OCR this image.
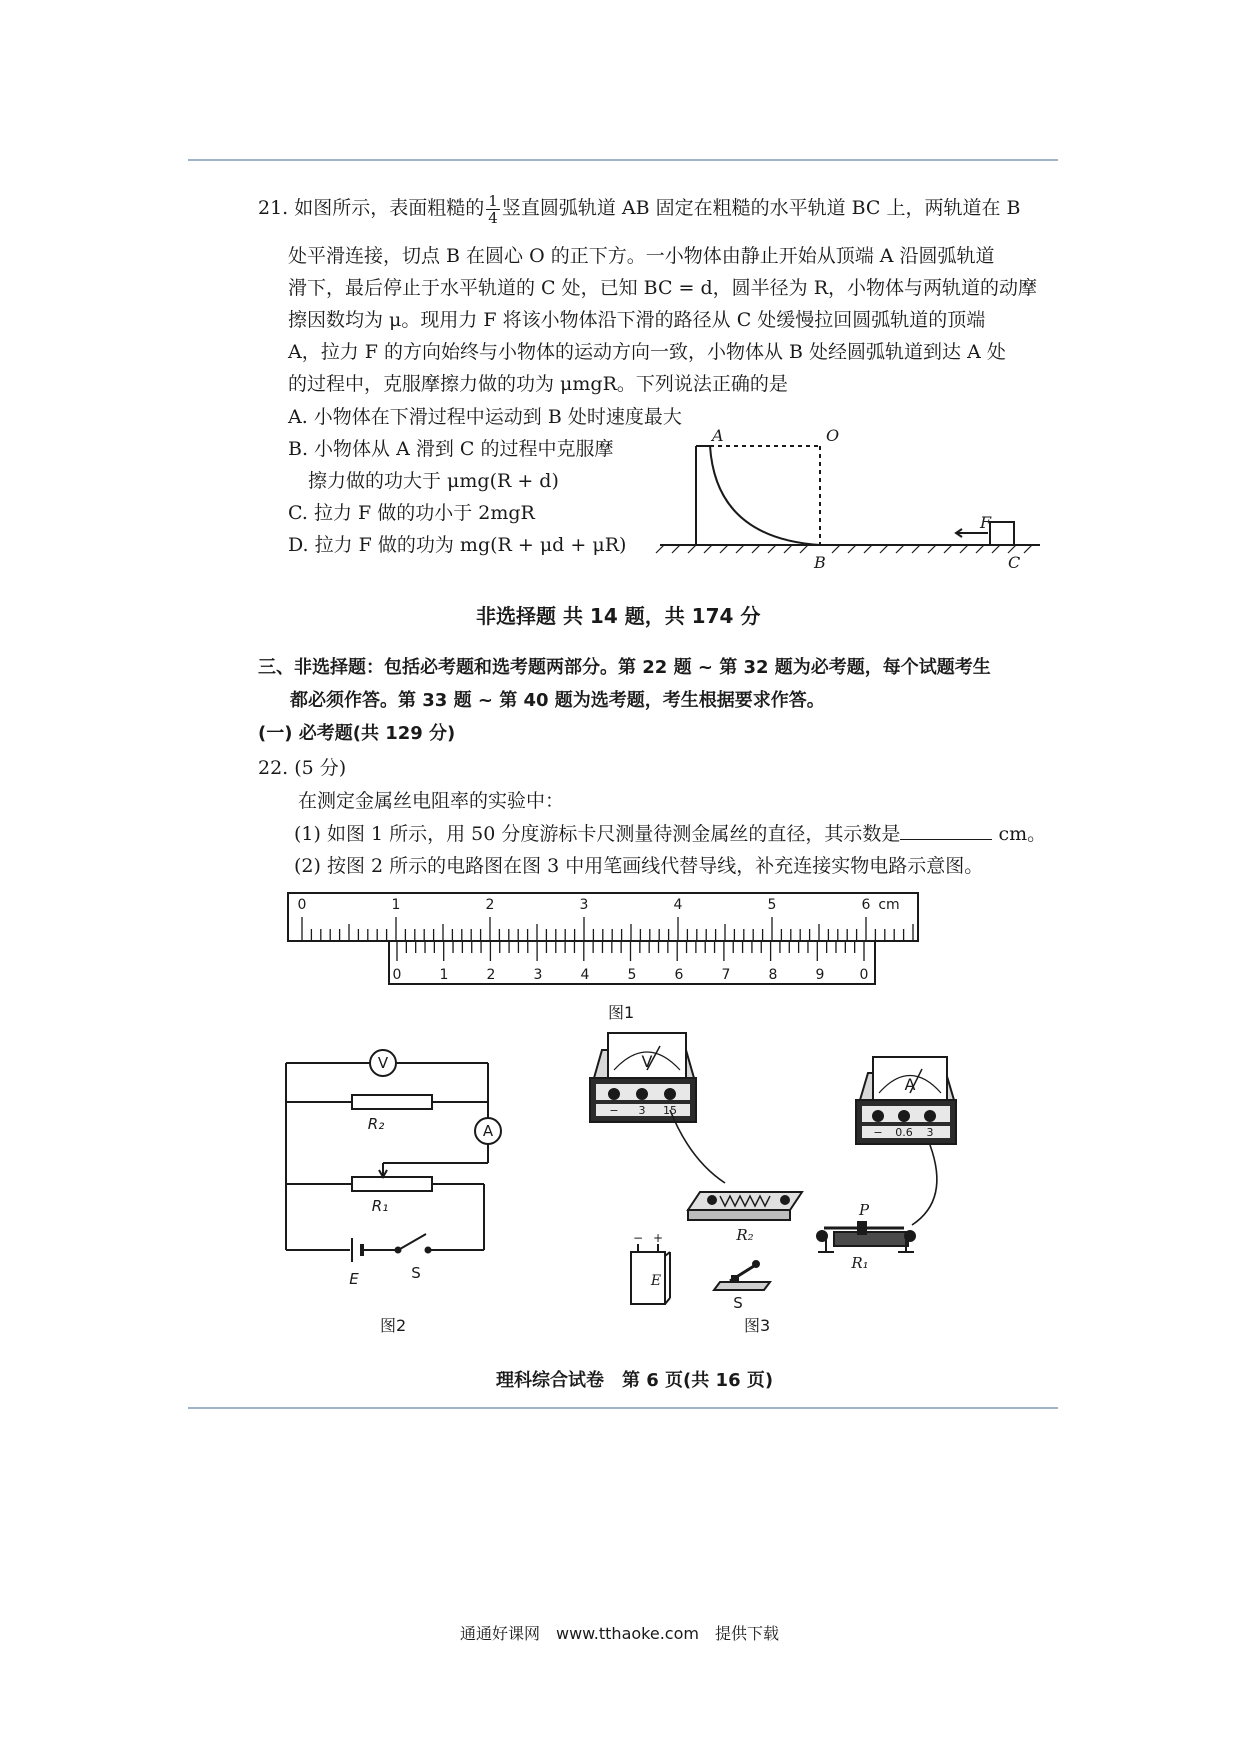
21. 如图所示，表面粗糙的 $\frac{1}{4}$ 竖直圆弧轨道 AB 固定在粗糙的水平轨道 BC 上，两轨道在 B
处平滑连接，切点 B 在圆心 O 的正下方。一小物体由静止开始从顶端 A 沿圆弧轨道
滑下，最后停止于水平轨道的 C 处，已知 BC = d，圆半径为 R，小物体与两轨道的动摩
擦因数均为 μ。现用力 F 将该小物体沿下滑的路径从 C 处缓慢拉回圆弧轨道的顶端
A，拉力 F 的方向始终与小物体的运动方向一致，小物体从 B 处经圆弧轨道到达 A 处
的过程中，克服摩擦力做的功为 μmgR。下列说法正确的是
A. 小物体在下滑过程中运动到 B 处时速度最大
B. 小物体从 A 滑到 C 的过程中克服摩
擦力做的功大于 μmg(R + d)
C. 拉力 F 做的功小于 2mgR
D. 拉力 F 做的功为 mg(R + μd + μR)
A	O
B	C
F
非选择题 共 14 题，共 174 分
三、非选择题：包括必考题和选考题两部分。第 22 题 ~ 第 32 题为必考题，每个试题考生
都必须作答。第 33 题 ~ 第 40 题为选考题，考生根据要求作答。
(一) 必考题(共 129 分)
22. (5 分)
在测定金属丝电阻率的实验中：
(1) 如图 1 所示，用 50 分度游标卡尺测量待测金属丝的直径，其示数是	cm。
(2) 按图 2 所示的电路图在图 3 中用笔画线代替导线，补充连接实物电路示意图。
0	1	2	3	4	5	6 cm
0	1	2	3	4	5	6	7	8	9	0
图1
V
A
R₂
R₁
E	S
图2
V
− 3 15
A
− 0.6 3
R₂
P
R₁
− +
E
S
图3
理科综合试卷　第 6 页(共 16 页)
通通好课网　www.tthaoke.com　提供下载
